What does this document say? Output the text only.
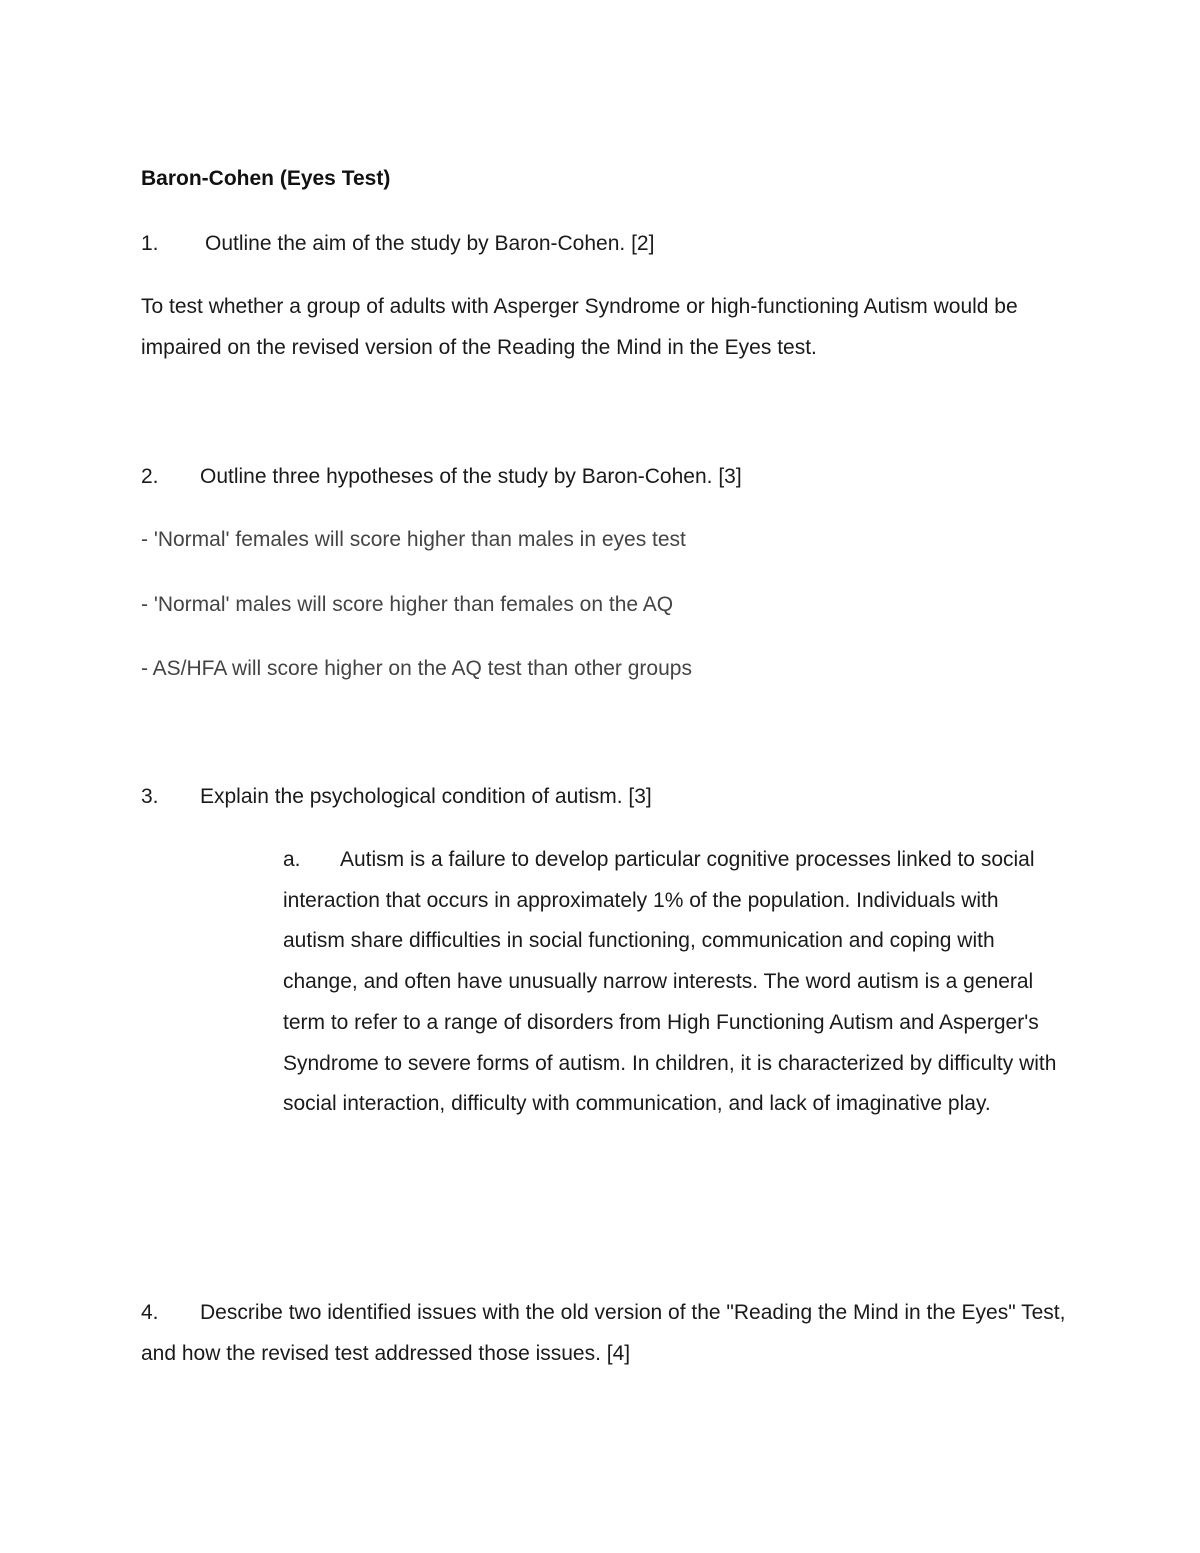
Baron-Cohen (Eyes Test)
1. Outline the aim of the study by Baron-Cohen. [2]
To test whether a group of adults with Asperger Syndrome or high-functioning Autism would be impaired on the revised version of the Reading the Mind in the Eyes test.
2. Outline three hypotheses of the study by Baron-Cohen. [3]
- 'Normal' females will score higher than males in eyes test
- 'Normal' males will score higher than females on the AQ
- AS/HFA will score higher on the AQ test than other groups
3. Explain the psychological condition of autism. [3]
a. Autism is a failure to develop particular cognitive processes linked to social interaction that occurs in approximately 1% of the population. Individuals with autism share difficulties in social functioning, communication and coping with change, and often have unusually narrow interests. The word autism is a general term to refer to a range of disorders from High Functioning Autism and Asperger's Syndrome to severe forms of autism. In children, it is characterized by difficulty with social interaction, difficulty with communication, and lack of imaginative play.
4. Describe two identified issues with the old version of the "Reading the Mind in the Eyes" Test, and how the revised test addressed those issues. [4]
